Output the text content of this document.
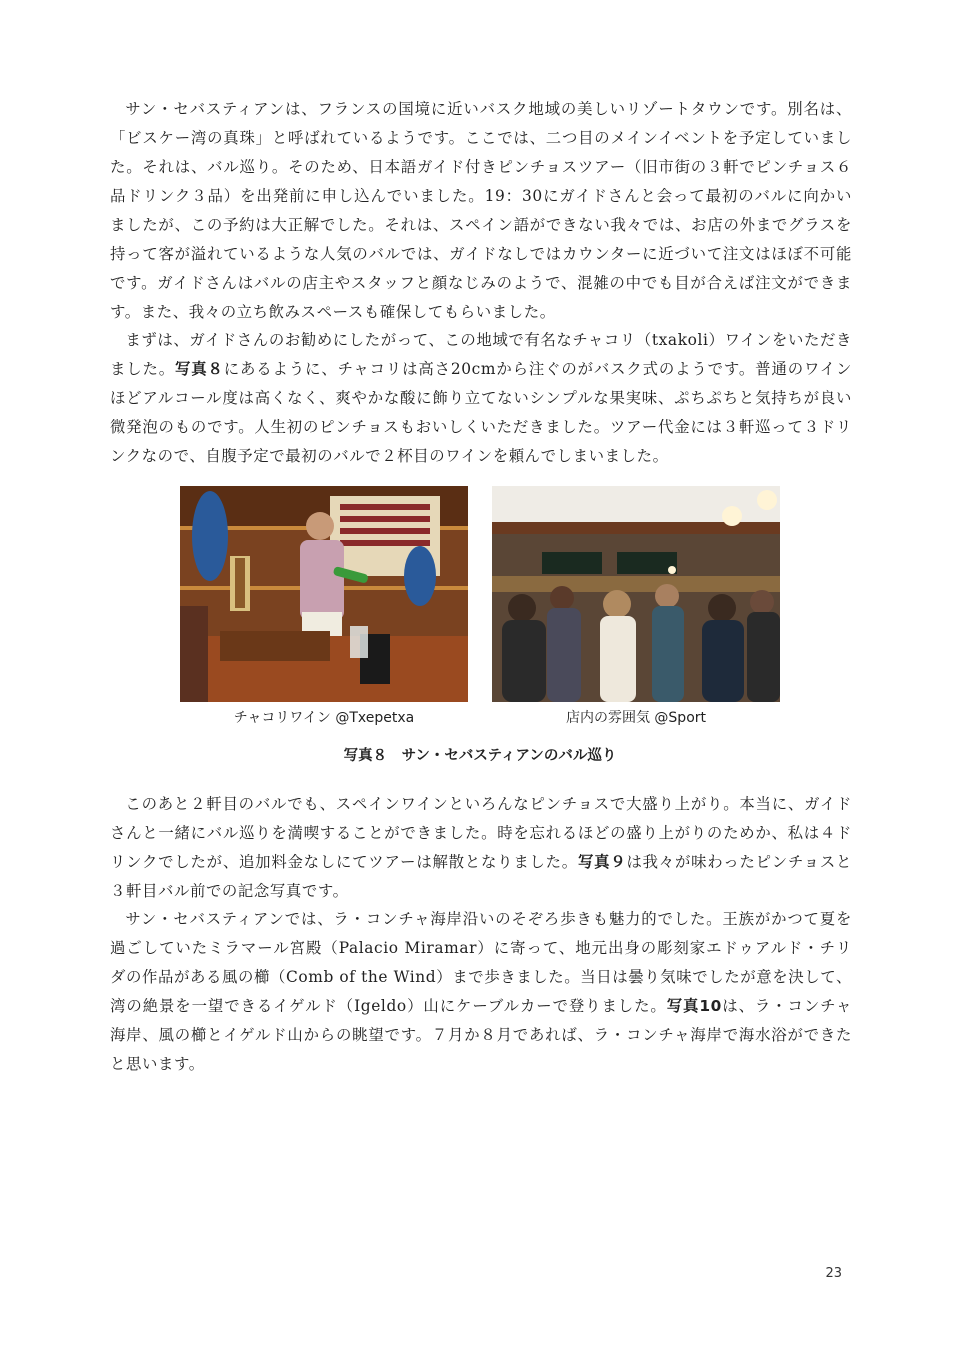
サン・セバスティアンは、フランスの国境に近いバスク地域の美しいリゾートタウンです。別名は、「ビスケー湾の真珠」と呼ばれているようです。ここでは、二つ目のメインイベントを予定していました。それは、バル巡り。そのため、日本語ガイド付きピンチョスツアー（旧市街の３軒でピンチョス６品ドリンク３品）を出発前に申し込んでいました。19：30にガイドさんと会って最初のバルに向かいましたが、この予約は大正解でした。それは、スペイン語ができない我々では、お店の外までグラスを持って客が溢れているような人気のバルでは、ガイドなしではカウンターに近づいて注文はほぼ不可能です。ガイドさんはバルの店主やスタッフと顔なじみのようで、混雑の中でも目が合えば注文ができます。また、我々の立ち飲みスペースも確保してもらいました。

まずは、ガイドさんのお勧めにしたがって、この地域で有名なチャコリ（txakoli）ワインをいただきました。写真８にあるように、チャコリは高さ20cmから注ぐのがバスク式のようです。普通のワインほどアルコール度は高くなく、爽やかな酸に飾り立てないシンプルな果実味、ぷちぷちと気持ちが良い微発泡のものです。人生初のピンチョスもおいしくいただきました。ツアー代金には３軒巡って３ドリンクなので、自腹予定で最初のバルで２杯目のワインを頼んでしまいました。

チャコリワイン @Txepetxa	店内の雰囲気 @Sport
写真８　サン・セバスティアンのバル巡り

このあと２軒目のバルでも、スペインワインといろんなピンチョスで大盛り上がり。本当に、ガイドさんと一緒にバル巡りを満喫することができました。時を忘れるほどの盛り上がりのためか、私は４ドリンクでしたが、追加料金なしにてツアーは解散となりました。写真９は我々が味わったピンチョスと３軒目バル前での記念写真です。

サン・セバスティアンでは、ラ・コンチャ海岸沿いのそぞろ歩きも魅力的でした。王族がかつて夏を過ごしていたミラマール宮殿（Palacio Miramar）に寄って、地元出身の彫刻家エドゥアルド・チリダの作品がある風の櫛（Comb of the Wind）まで歩きました。当日は曇り気味でしたが意を決して、湾の絶景を一望できるイゲルド（Igeldo）山にケーブルカーで登りました。写真10は、ラ・コンチャ海岸、風の櫛とイゲルド山からの眺望です。７月か８月であれば、ラ・コンチャ海岸で海水浴ができたと思います。

23
